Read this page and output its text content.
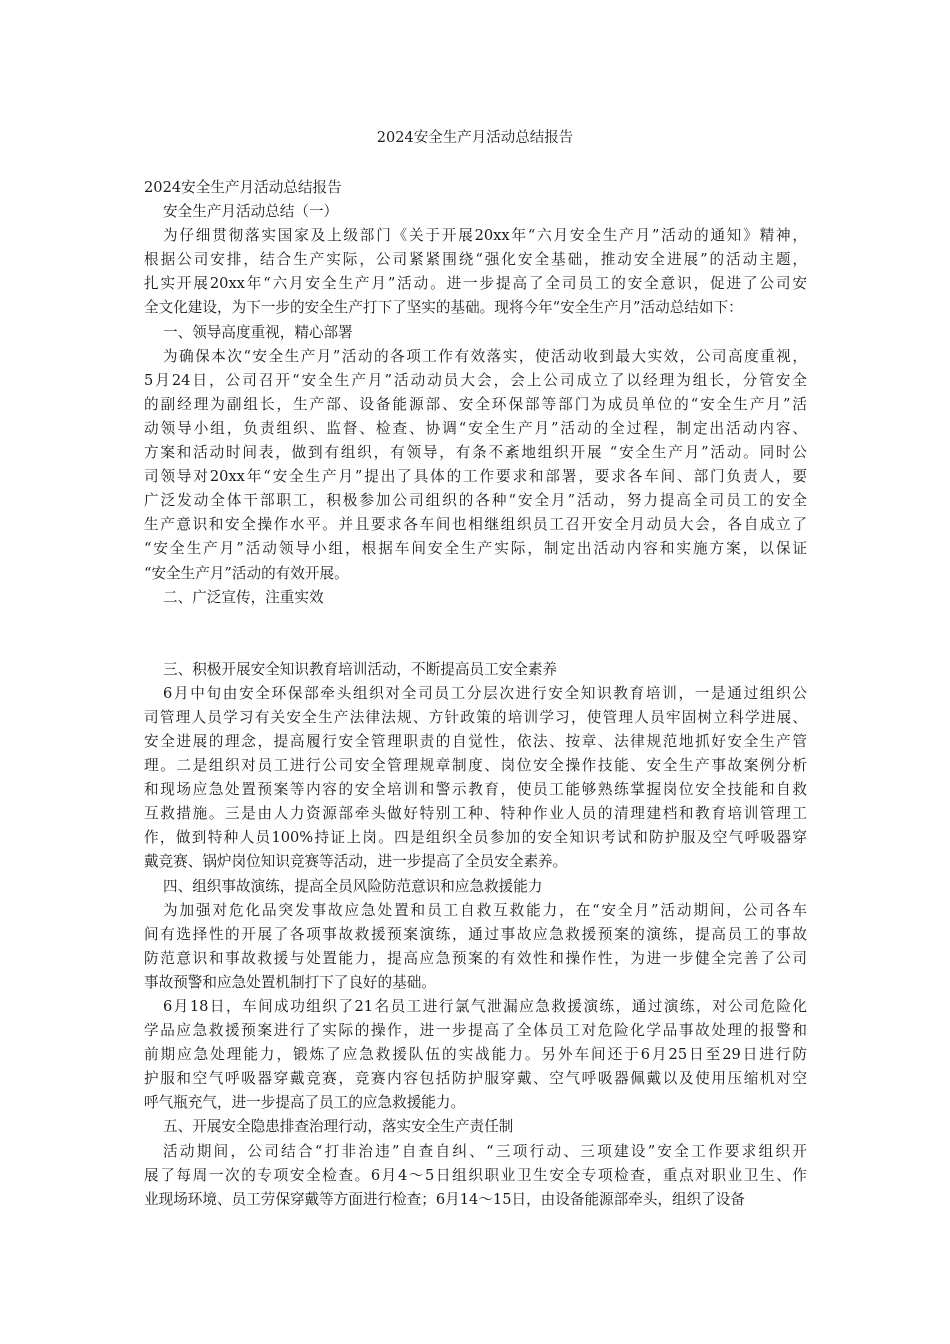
2024安全生产月活动总结报告
2024安全生产月活动总结报告
安全生产月活动总结（一）
为仔细贯彻落实国家及上级部门《关于开展20xx年“六月安全生产月”活动的通知》精神，
根据公司安排，结合生产实际，公司紧紧围绕“强化安全基础，推动安全进展”的活动主题，
扎实开展20xx年“六月安全生产月”活动。进一步提高了全司员工的安全意识，促进了公司安
全文化建设，为下一步的安全生产打下了坚实的基础。现将今年“安全生产月”活动总结如下：
一、领导高度重视，精心部署
为确保本次“安全生产月”活动的各项工作有效落实，使活动收到最大实效，公司高度重视，
5月24日，公司召开“安全生产月”活动动员大会，会上公司成立了以经理为组长，分管安全
的副经理为副组长，生产部、设备能源部、安全环保部等部门为成员单位的“安全生产月”活
动领导小组，负责组织、监督、检查、协调“安全生产月”活动的全过程，制定出活动内容、
方案和活动时间表，做到有组织，有领导，有条不紊地组织开展 “安全生产月”活动。同时公
司领导对20xx年“安全生产月”提出了具体的工作要求和部署，要求各车间、部门负责人，要
广泛发动全体干部职工，积极参加公司组织的各种“安全月”活动，努力提高全司员工的安全
生产意识和安全操作水平。并且要求各车间也相继组织员工召开安全月动员大会，各自成立了
“安全生产月”活动领导小组，根据车间安全生产实际，制定出活动内容和实施方案，以保证
“安全生产月”活动的有效开展。
二、广泛宣传，注重实效
三、积极开展安全知识教育培训活动，不断提高员工安全素养
6月中旬由安全环保部牵头组织对全司员工分层次进行安全知识教育培训，一是通过组织公
司管理人员学习有关安全生产法律法规、方针政策的培训学习，使管理人员牢固树立科学进展、
安全进展的理念，提高履行安全管理职责的自觉性，依法、按章、法律规范地抓好安全生产管
理。二是组织对员工进行公司安全管理规章制度、岗位安全操作技能、安全生产事故案例分析
和现场应急处置预案等内容的安全培训和警示教育，使员工能够熟练掌握岗位安全技能和自救
互救措施。三是由人力资源部牵头做好特别工种、特种作业人员的清理建档和教育培训管理工
作，做到特种人员100%持证上岗。四是组织全员参加的安全知识考试和防护服及空气呼吸器穿
戴竞赛、锅炉岗位知识竞赛等活动，进一步提高了全员安全素养。
四、组织事故演练，提高全员风险防范意识和应急救援能力
为加强对危化品突发事故应急处置和员工自救互救能力，在“安全月”活动期间，公司各车
间有选择性的开展了各项事故救援预案演练，通过事故应急救援预案的演练，提高员工的事故
防范意识和事故救援与处置能力，提高应急预案的有效性和操作性，为进一步健全完善了公司
事故预警和应急处置机制打下了良好的基础。
6月18日，车间成功组织了21名员工进行氯气泄漏应急救援演练，通过演练，对公司危险化
学品应急救援预案进行了实际的操作，进一步提高了全体员工对危险化学品事故处理的报警和
前期应急处理能力，锻炼了应急救援队伍的实战能力。另外车间还于6月25日至29日进行防
护服和空气呼吸器穿戴竞赛，竞赛内容包括防护服穿戴、空气呼吸器佩戴以及使用压缩机对空
呼气瓶充气，进一步提高了员工的应急救援能力。
五、开展安全隐患排查治理行动，落实安全生产责任制
活动期间，公司结合“打非治违”自查自纠、“三项行动、三项建设”安全工作要求组织开
展了每周一次的专项安全检查。6月4～5日组织职业卫生安全专项检查，重点对职业卫生、作
业现场环境、员工劳保穿戴等方面进行检查；6月14～15日，由设备能源部牵头，组织了设备
